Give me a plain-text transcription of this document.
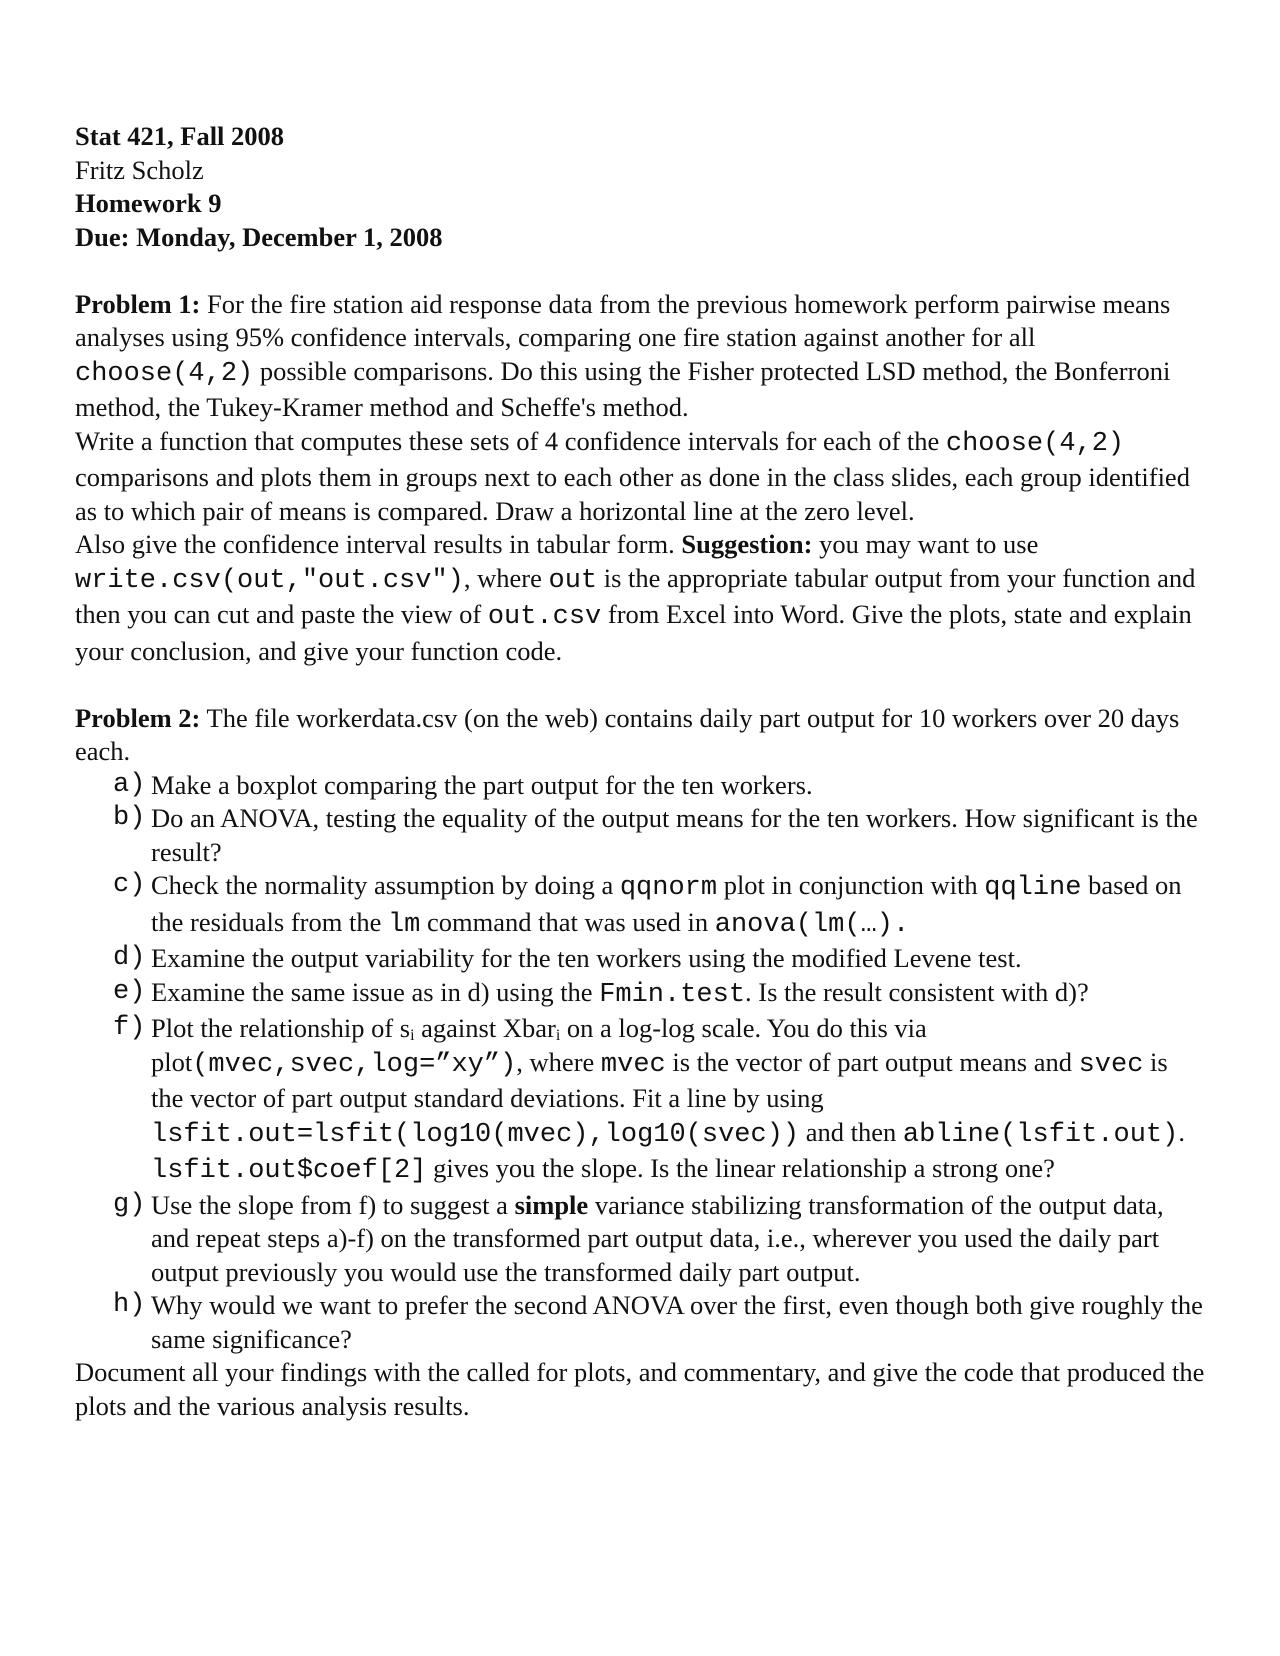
Stat 421, Fall 2008
Fritz Scholz
Homework 9
Due: Monday, December 1, 2008

Problem 1: For the fire station aid response data from the previous homework perform pairwise means analyses using 95% confidence intervals, comparing one fire station against another for all choose(4,2) possible comparisons. Do this using the Fisher protected LSD method, the Bonferroni method, the Tukey-Kramer method and Scheffe's method.

Write a function that computes these sets of 4 confidence intervals for each of the choose(4,2) comparisons and plots them in groups next to each other as done in the class slides, each group identified as to which pair of means is compared. Draw a horizontal line at the zero level.

Also give the confidence interval results in tabular form. Suggestion: you may want to use write.csv(out,"out.csv"), where out is the appropriate tabular output from your function and then you can cut and paste the view of out.csv from Excel into Word. Give the plots, state and explain your conclusion, and give your function code.

Problem 2: The file workerdata.csv (on the web) contains daily part output for 10 workers over 20 days each.

a) Make a boxplot comparing the part output for the ten workers.
b) Do an ANOVA, testing the equality of the output means for the ten workers. How significant is the result?
c) Check the normality assumption by doing a qqnorm plot in conjunction with qqline based on the residuals from the lm command that was used in anova(lm(…).
d) Examine the output variability for the ten workers using the modified Levene test.
e) Examine the same issue as in d) using the Fmin.test. Is the result consistent with d)?
f) Plot the relationship of $s_i$ against Xbar$_i$ on a log-log scale. You do this via plot(mvec,svec,log=”xy”), where mvec is the vector of part output means and svec is the vector of part output standard deviations. Fit a line by using lsfit.out=lsfit(log10(mvec),log10(svec)) and then abline(lsfit.out). lsfit.out$coef[2] gives you the slope. Is the linear relationship a strong one?
g) Use the slope from f) to suggest a simple variance stabilizing transformation of the output data, and repeat steps a)-f) on the transformed part output data, i.e., wherever you used the daily part output previously you would use the transformed daily part output.
h) Why would we want to prefer the second ANOVA over the first, even though both give roughly the same significance?

Document all your findings with the called for plots, and commentary, and give the code that produced the plots and the various analysis results.
